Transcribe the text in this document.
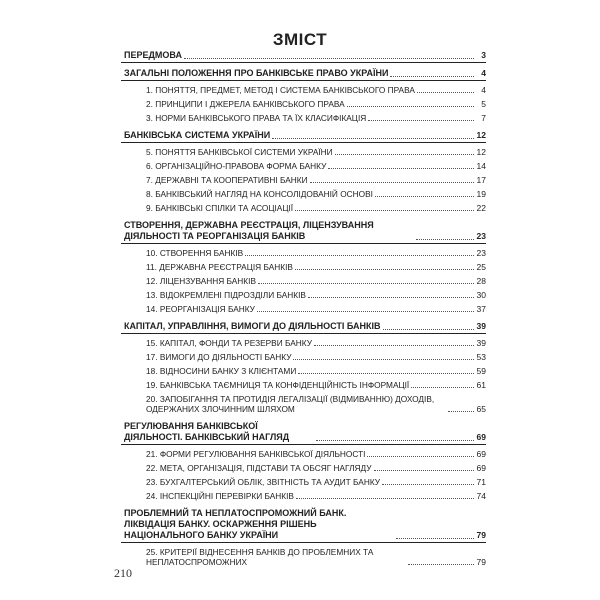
ЗМІСТ
ПЕРЕДМОВА	3
ЗАГАЛЬНІ ПОЛОЖЕННЯ ПРО БАНКІВСЬКЕ ПРАВО УКРАЇНИ	4
1. ПОНЯТТЯ, ПРЕДМЕТ, МЕТОД І СИСТЕМА БАНКІВСЬКОГО ПРАВА	4
2. ПРИНЦИПИ І ДЖЕРЕЛА БАНКІВСЬКОГО ПРАВА	5
3. НОРМИ БАНКІВСЬКОГО ПРАВА ТА ЇХ КЛАСИФІКАЦІЯ	7
БАНКІВСЬКА СИСТЕМА УКРАЇНИ	12
5. ПОНЯТТЯ БАНКІВСЬКОЇ СИСТЕМИ УКРАЇНИ	12
6. ОРГАНІЗАЦІЙНО-ПРАВОВА ФОРМА БАНКУ	14
7. ДЕРЖАВНІ ТА КООПЕРАТИВНІ БАНКИ	17
8. БАНКІВСЬКИЙ НАГЛЯД НА КОНСОЛІДОВАНІЙ ОСНОВІ	19
9. БАНКІВСЬКІ СПІЛКИ ТА АСОЦІАЦІЇ	22
СТВОРЕННЯ, ДЕРЖАВНА РЕЄСТРАЦІЯ, ЛІЦЕНЗУВАННЯ ДІЯЛЬНОСТІ ТА РЕОРГАНІЗАЦІЯ БАНКІВ	23
10. СТВОРЕННЯ БАНКІВ	23
11. ДЕРЖАВНА РЕЄСТРАЦІЯ БАНКІВ	25
12. ЛІЦЕНЗУВАННЯ БАНКІВ	28
13. ВІДОКРЕМЛЕНІ ПІДРОЗДІЛИ БАНКІВ	30
14. РЕОРГАНІЗАЦІЯ БАНКУ	37
КАПІТАЛ, УПРАВЛІННЯ, ВИМОГИ ДО ДІЯЛЬНОСТІ БАНКІВ	39
15. КАПІТАЛ, ФОНДИ ТА РЕЗЕРВИ БАНКУ	39
17. ВИМОГИ ДО ДІЯЛЬНОСТІ БАНКУ	53
18. ВІДНОСИНИ БАНКУ З КЛІЄНТАМИ	59
19. БАНКІВСЬКА ТАЄМНИЦЯ ТА КОНФІДЕНЦІЙНІСТЬ ІНФОРМАЦІЇ	61
20. ЗАПОБІГАННЯ ТА ПРОТИДІЯ ЛЕГАЛІЗАЦІЇ (ВІДМИВАННЮ) ДОХОДІВ, ОДЕРЖАНИХ ЗЛОЧИННИМ ШЛЯХОМ	65
РЕГУЛЮВАННЯ БАНКІВСЬКОЇ ДІЯЛЬНОСТІ. БАНКІВСЬКИЙ НАГЛЯД	69
21. ФОРМИ РЕГУЛЮВАННЯ БАНКІВСЬКОЇ ДІЯЛЬНОСТІ	69
22. МЕТА, ОРГАНІЗАЦІЯ, ПІДСТАВИ ТА ОБСЯГ НАГЛЯДУ	69
23. БУХГАЛТЕРСЬКИЙ ОБЛІК, ЗВІТНІСТЬ ТА АУДИТ БАНКУ	71
24. ІНСПЕКЦІЙНІ ПЕРЕВІРКИ БАНКІВ	74
ПРОБЛЕМНИЙ ТА НЕПЛАТОСПРОМОЖНИЙ БАНК. ЛІКВІДАЦІЯ БАНКУ. ОСКАРЖЕННЯ РІШЕНЬ НАЦІОНАЛЬНОГО БАНКУ УКРАЇНИ	79
25. КРИТЕРІЇ ВІДНЕСЕННЯ БАНКІВ ДО ПРОБЛЕМНИХ ТА НЕПЛАТОСПРОМОЖНИХ	79
210
